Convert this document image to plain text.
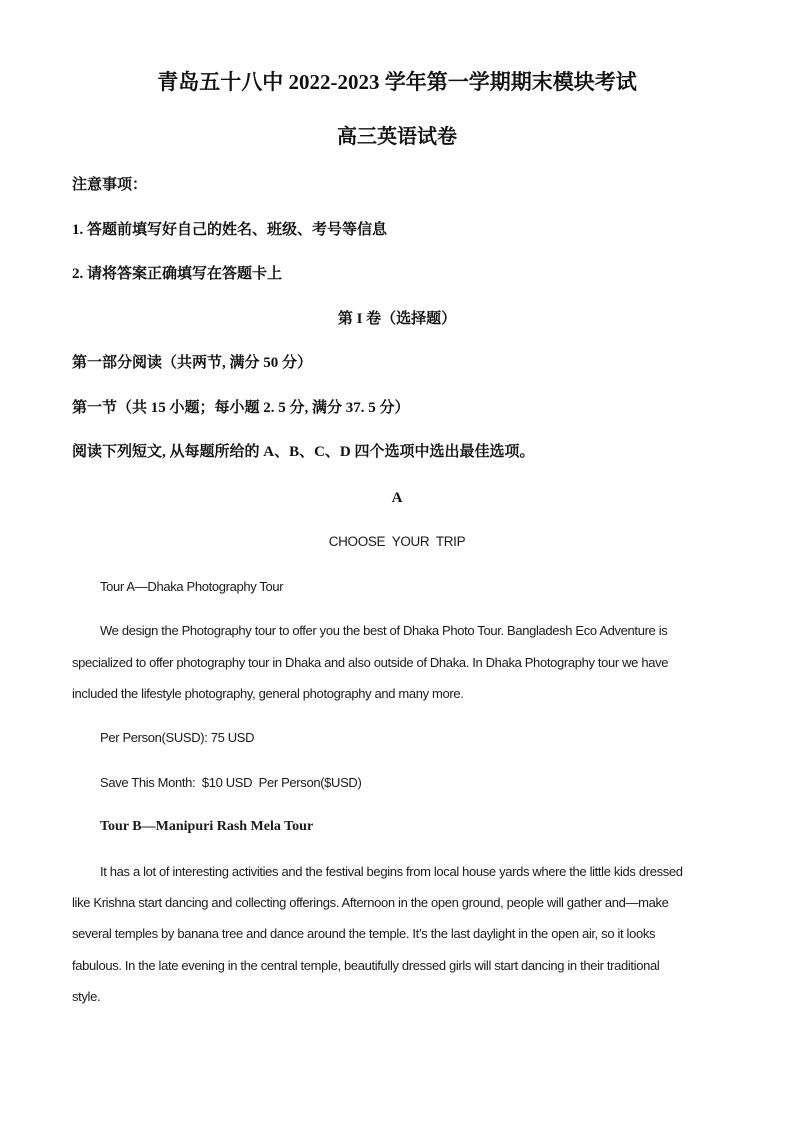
青岛五十八中 2022-2023 学年第一学期期末模块考试
高三英语试卷
注意事项：
1. 答题前填写好自己的姓名、班级、考号等信息
2. 请将答案正确填写在答题卡上
第 I 卷（选择题）
第一部分阅读（共两节, 满分 50 分）
第一节（共 15 小题；每小题 2. 5 分, 满分 37. 5 分）
阅读下列短文, 从每题所给的 A、B、C、D 四个选项中选出最佳选项。
A
CHOOSE  YOUR  TRIP
Tour A—Dhaka Photography Tour
We design the Photography tour to offer you the best of Dhaka Photo Tour. Bangladesh Eco Adventure is
specialized to offer photography tour in Dhaka and also outside of Dhaka. In Dhaka Photography tour we have
included the lifestyle photography, general photography and many more.
Per Person(SUSD): 75 USD
Save This Month:  $10 USD  Per Person($USD)
Tour B—Manipuri Rash Mela Tour
It has a lot of interesting activities and the festival begins from local house yards where the little kids dressed
like Krishna start dancing and collecting offerings. Afternoon in the open ground, people will gather and—make
several temples by banana tree and dance around the temple. It’s the last daylight in the open air, so it looks
fabulous. In the late evening in the central temple, beautifully dressed girls will start dancing in their traditional
style.
